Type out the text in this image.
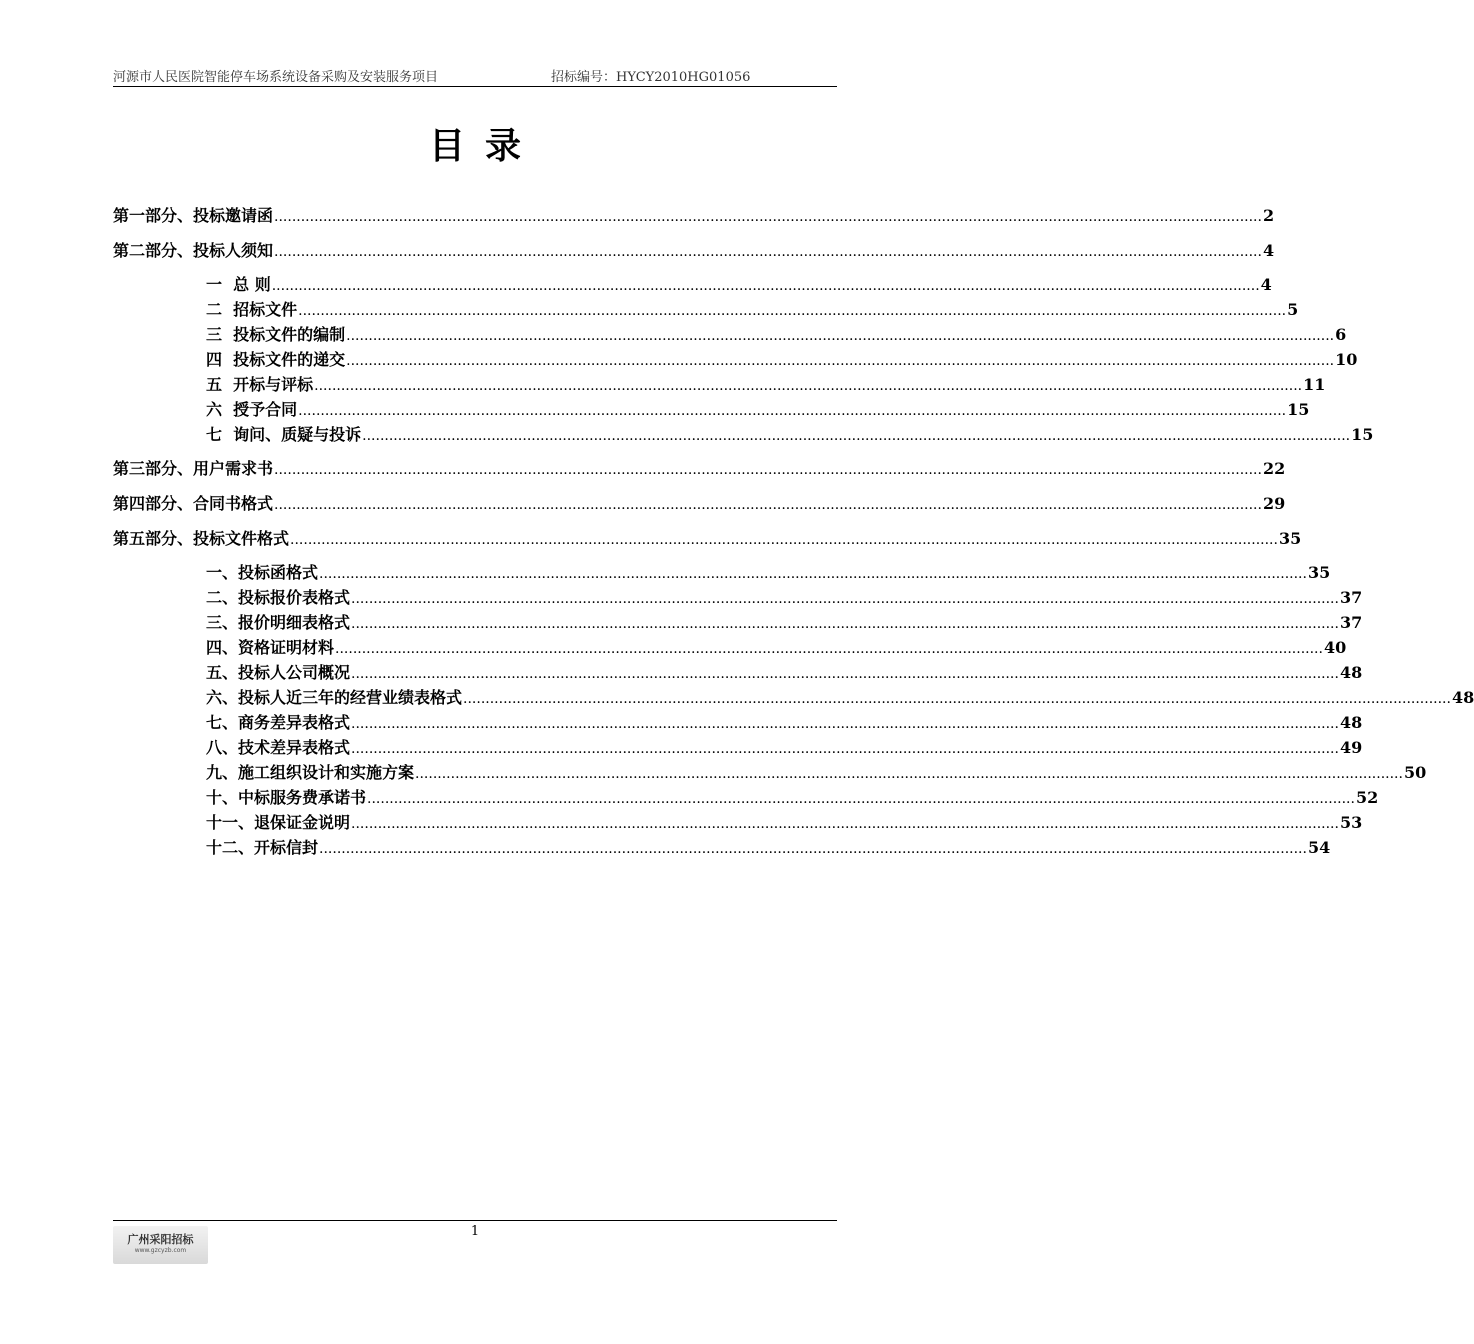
河源市人民医院智能停车场系统设备采购及安装服务项目	招标编号：HYCY2010HG01056
目录
第一部分、投标邀请函 .............................................................................................................................................................................................................................. 2
第二部分、投标人须知 .............................................................................................................................................................................................................................. 4
一  总 则 .............................................................................................................................................................................................................................. 4
二  招标文件 .............................................................................................................................................................................................................................. 5
三  投标文件的编制 .............................................................................................................................................................................................................................. 6
四  投标文件的递交 .............................................................................................................................................................................................................................. 10
五  开标与评标 .............................................................................................................................................................................................................................. 11
六  授予合同 .............................................................................................................................................................................................................................. 15
七  询问、质疑与投诉 .............................................................................................................................................................................................................................. 15
第三部分、用户需求书 .............................................................................................................................................................................................................................. 22
第四部分、合同书格式 .............................................................................................................................................................................................................................. 29
第五部分、投标文件格式 .............................................................................................................................................................................................................................. 35
一、投标函格式 .............................................................................................................................................................................................................................. 35
二、投标报价表格式 .............................................................................................................................................................................................................................. 37
三、报价明细表格式 .............................................................................................................................................................................................................................. 37
四、资格证明材料 .............................................................................................................................................................................................................................. 40
五、投标人公司概况 .............................................................................................................................................................................................................................. 48
六、投标人近三年的经营业绩表格式 .............................................................................................................................................................................................................................. 48
七、商务差异表格式 .............................................................................................................................................................................................................................. 48
八、技术差异表格式 .............................................................................................................................................................................................................................. 49
九、施工组织设计和实施方案 .............................................................................................................................................................................................................................. 50
十、中标服务费承诺书 .............................................................................................................................................................................................................................. 52
十一、退保证金说明 .............................................................................................................................................................................................................................. 53
十二、开标信封 .............................................................................................................................................................................................................................. 54
1
广州采阳招标
www.gzcyzb.com
